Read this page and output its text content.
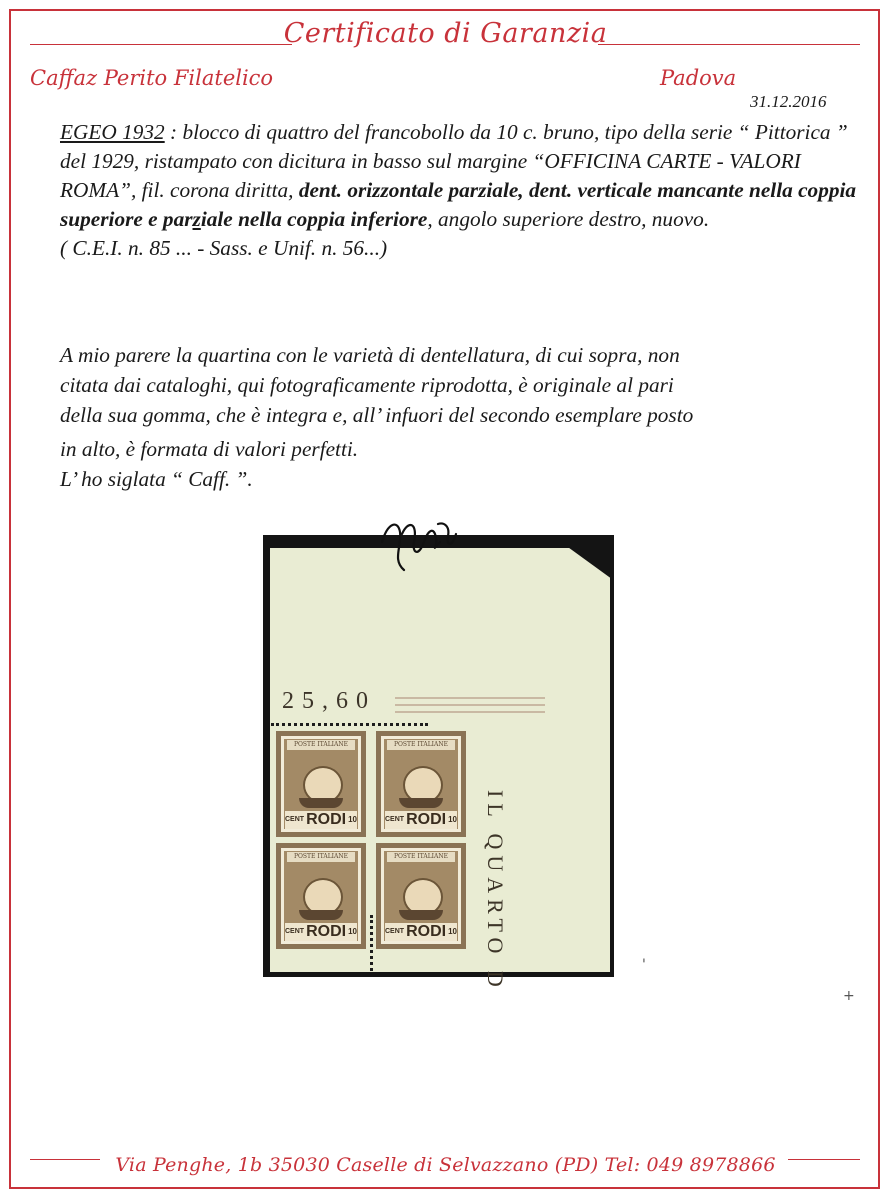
Certificato di Garanzia
Caffaz Perito Filatelico	Padova
31.12.2016
EGEO 1932 : blocco di quattro del francobollo da 10 c. bruno, tipo della serie “ Pittorica ” del 1929, ristampato con dicitura in basso sul margine “OFFICINA CARTE - VALORI ROMA”, fil. corona diritta, dent. orizzontale parziale, dent. verticale mancante nella coppia superiore e parziale nella coppia inferiore, angolo superiore destro, nuovo.
( C.E.I. n. 85 ... - Sass. e Unif. n. 56...)
A mio parere la quartina con le varietà di dentellatura, di cui sopra, non
citata dai cataloghi, qui fotograficamente riprodotta, è originale al pari
della sua gomma, che è integra e, all’ infuori del secondo esemplare posto
in alto, è formata di valori perfetti.
L’ ho siglata “ Caff. ”.
25,60
IL QUARTO D
POSTE ITALIANE
CENT RODI 10
POSTE ITALIANE
CENT RODI 10
POSTE ITALIANE
CENT RODI 10
POSTE ITALIANE
CENT RODI 10
'
+
Via Penghe, 1b 35030 Caselle di Selvazzano (PD) Tel: 049 8978866
